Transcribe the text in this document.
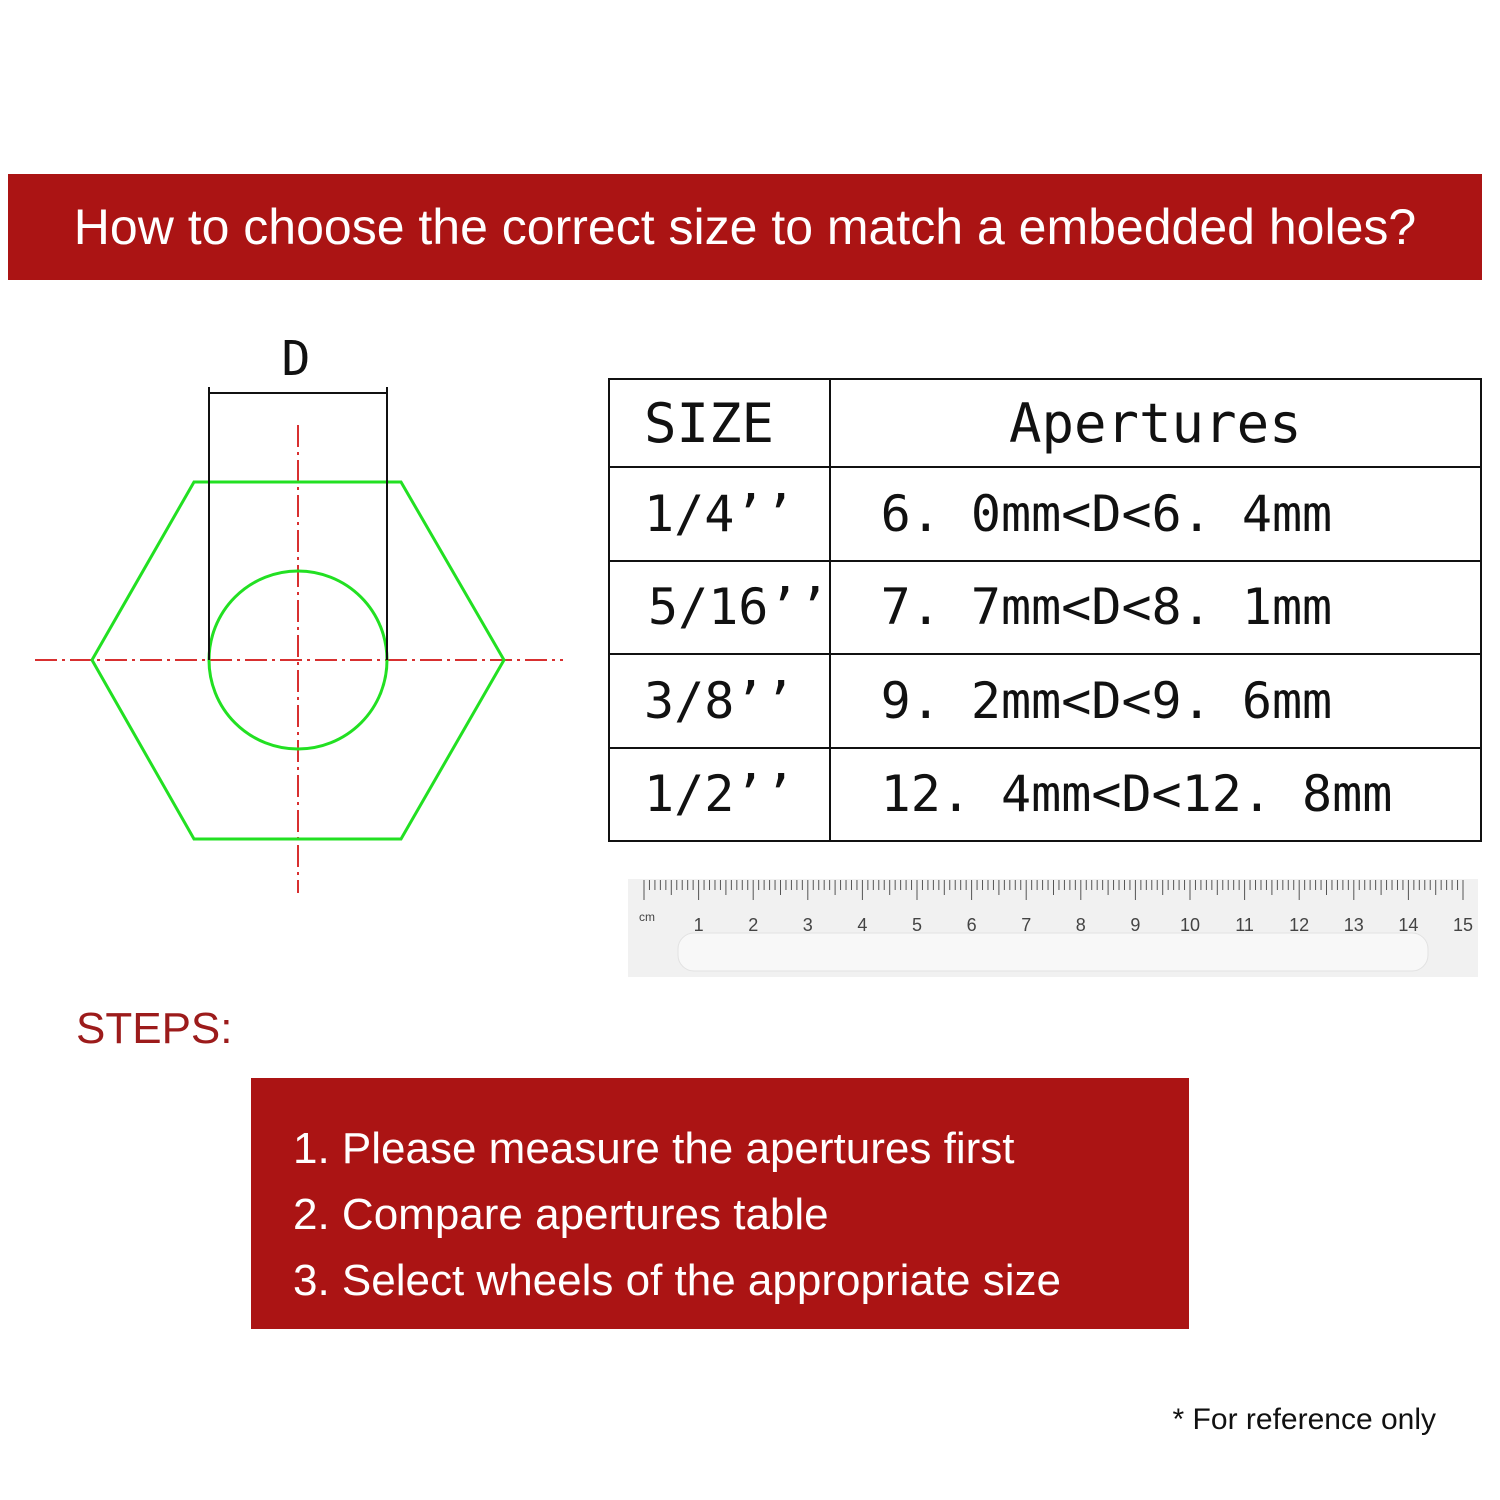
How to choose the correct size to match a embedded holes?
D
SIZE	Apertures
1/4’’	6. 0mm<D<6. 4mm
5/16’’	7. 7mm<D<8. 1mm
3/8’’	9. 2mm<D<9. 6mm
1/2’’	12. 4mm<D<12. 8mm
cm 1 2 3 4 5 6 7 8 9 10 11 12 13 14 15
STEPS:
1. Please measure the apertures first
2. Compare apertures table
3. Select wheels of the appropriate size
* For reference only
